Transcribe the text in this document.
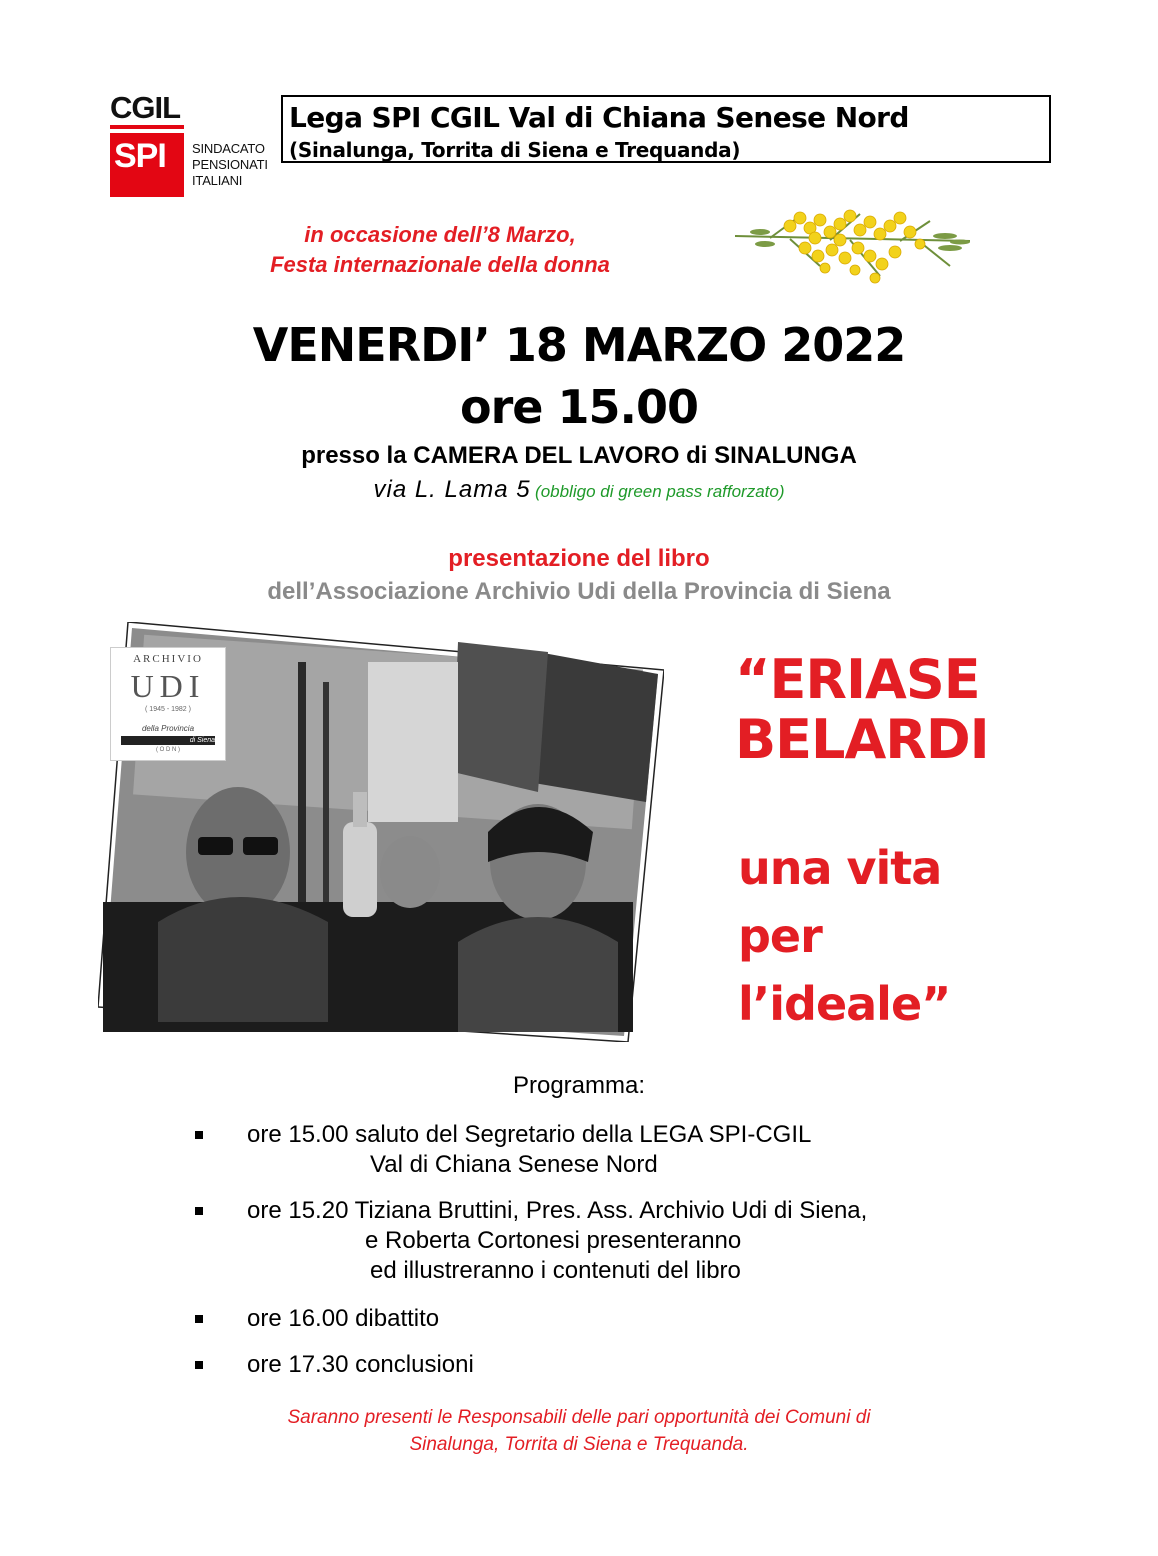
CGIL
SPI SINDACATO
PENSIONATI
ITALIANI
Lega SPI CGIL Val di Chiana Senese Nord
(Sinalunga, Torrita di Siena e Trequanda)
in occasione dell’8 Marzo,
Festa internazionale della donna
VENERDI’ 18 MARZO 2022
ore 15.00
presso la CAMERA DEL LAVORO di SINALUNGA
via L. Lama 5 (obbligo di green pass rafforzato)
presentazione del libro
dell’Associazione Archivio Udi della Provincia di Siena
ARCHIVIO
UDI
( 1945 - 1982 )
della Provincia
di Siena
( O D N )
“ERIASE
BELARDI
una vita
per
l’ideale”
Programma:
ore 15.00 saluto del Segretario della LEGA SPI-CGIL
Val di Chiana Senese Nord
ore 15.20 Tiziana Bruttini, Pres. Ass. Archivio Udi di Siena,
e Roberta Cortonesi presenteranno
ed illustreranno i contenuti del libro
ore 16.00 dibattito
ore 17.30 conclusioni
Saranno presenti le Responsabili delle pari opportunità dei Comuni di
Sinalunga, Torrita di Siena e Trequanda.
